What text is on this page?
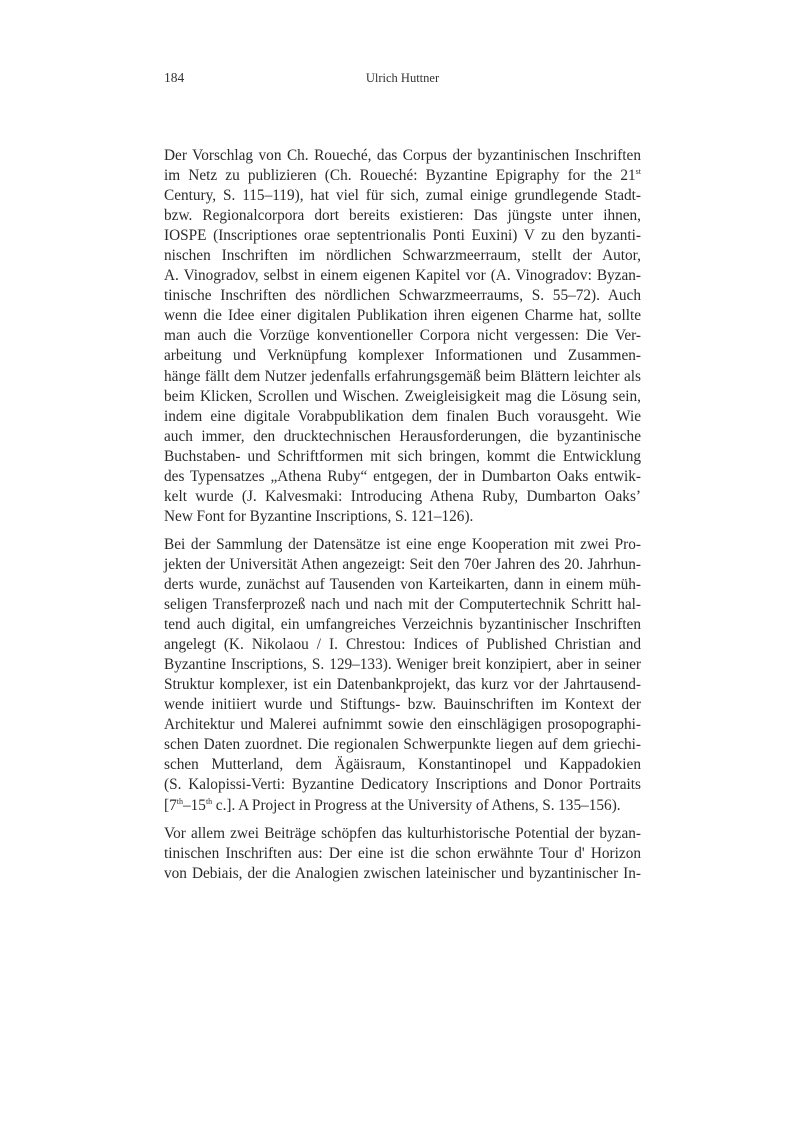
184	Ulrich Huttner

Der Vorschlag von Ch. Roueché, das Corpus der byzantinischen Inschriften
im Netz zu publizieren (Ch. Roueché: Byzantine Epigraphy for the 21st
Century, S. 115–119), hat viel für sich, zumal einige grundlegende Stadt-
bzw. Regionalcorpora dort bereits existieren: Das jüngste unter ihnen,
IOSPE (Inscriptiones orae septentrionalis Ponti Euxini) V zu den byzanti-
nischen Inschriften im nördlichen Schwarzmeerraum, stellt der Autor,
A. Vinogradov, selbst in einem eigenen Kapitel vor (A. Vinogradov: Byzan-
tinische Inschriften des nördlichen Schwarzmeerraums, S. 55–72). Auch
wenn die Idee einer digitalen Publikation ihren eigenen Charme hat, sollte
man auch die Vorzüge konventioneller Corpora nicht vergessen: Die Ver-
arbeitung und Verknüpfung komplexer Informationen und Zusammen-
hänge fällt dem Nutzer jedenfalls erfahrungsgemäß beim Blättern leichter als
beim Klicken, Scrollen und Wischen. Zweigleisigkeit mag die Lösung sein,
indem eine digitale Vorabpublikation dem finalen Buch vorausgeht. Wie
auch immer, den drucktechnischen Herausforderungen, die byzantinische
Buchstaben- und Schriftformen mit sich bringen, kommt die Entwicklung
des Typensatzes „Athena Ruby“ entgegen, der in Dumbarton Oaks entwik-
kelt wurde (J. Kalvesmaki: Introducing Athena Ruby, Dumbarton Oaks’
New Font for Byzantine Inscriptions, S. 121–126).

Bei der Sammlung der Datensätze ist eine enge Kooperation mit zwei Pro-
jekten der Universität Athen angezeigt: Seit den 70er Jahren des 20. Jahrhun-
derts wurde, zunächst auf Tausenden von Karteikarten, dann in einem müh-
seligen Transferprozeß nach und nach mit der Computertechnik Schritt hal-
tend auch digital, ein umfangreiches Verzeichnis byzantinischer Inschriften
angelegt (K. Nikolaou / I. Chrestou: Indices of Published Christian and
Byzantine Inscriptions, S. 129–133). Weniger breit konzipiert, aber in seiner
Struktur komplexer, ist ein Datenbankprojekt, das kurz vor der Jahrtausend-
wende initiiert wurde und Stiftungs- bzw. Bauinschriften im Kontext der
Architektur und Malerei aufnimmt sowie den einschlägigen prosopographi-
schen Daten zuordnet. Die regionalen Schwerpunkte liegen auf dem griechi-
schen Mutterland, dem Ägäisraum, Konstantinopel und Kappadokien
(S. Kalopissi-Verti: Byzantine Dedicatory Inscriptions and Donor Portraits
[7th–15th c.]. A Project in Progress at the University of Athens, S. 135–156).

Vor allem zwei Beiträge schöpfen das kulturhistorische Potential der byzan-
tinischen Inschriften aus: Der eine ist die schon erwähnte Tour d' Horizon
von Debiais, der die Analogien zwischen lateinischer und byzantinischer In-
